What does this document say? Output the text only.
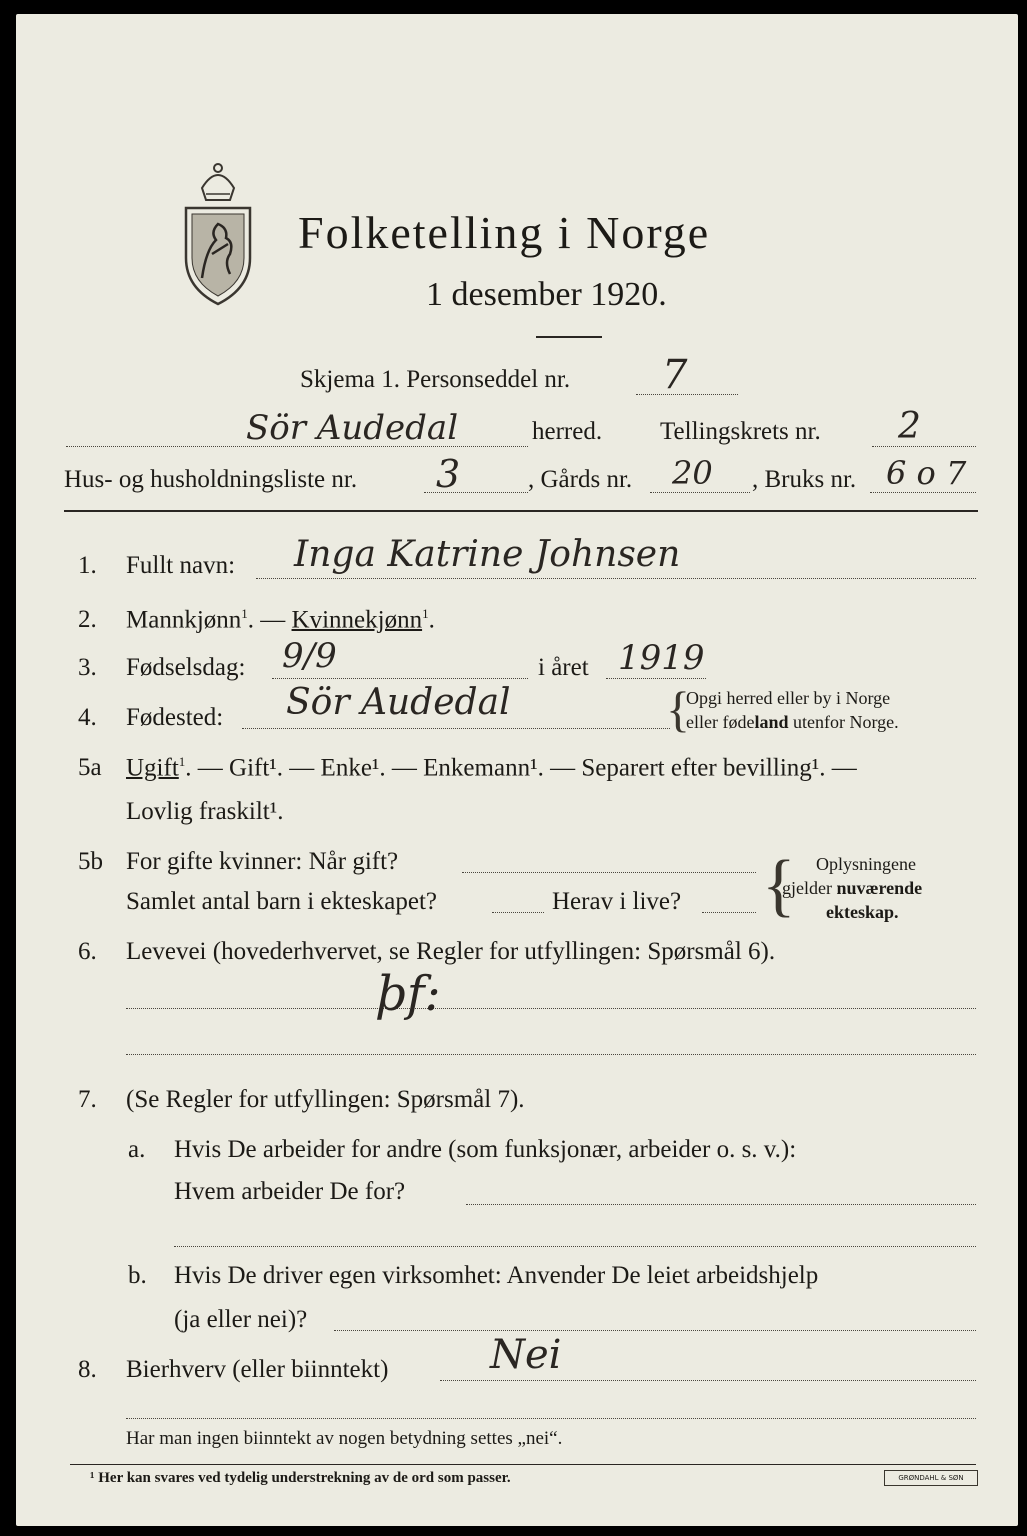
Folketelling i Norge
1 desember 1920.
Skjema 1. Personseddel nr. 7
Sör Audedal	herred. Tellingskrets nr. 2
Hus- og husholdningsliste nr. 3	, Gårds nr. 20 , Bruks nr. 6 o 7
1. Fullt navn: Inga Katrine Johnsen
2. Mannkjønn$^1$. — Kvinnekjønn$^1$.
3. Fødselsdag: 9/9	i året 1919
4. Fødested: Sör Audedal	{
Opgi herred eller by i Norge
eller fødeland utenfor Norge.
5a Ugift$^1$. — Gift¹. — Enke¹. — Enkemann¹. — Separert efter bevilling¹. —
Lovlig fraskilt¹.
5b For gifte kvinner: Når gift?
Samlet antal barn i ekteskapet?	Herav i live? { Oplysningene
gjelder nuværende
ekteskap.
6. Levevei (hovederhvervet, se Regler for utfyllingen: Spørsmål 6).
þf:
7. (Se Regler for utfyllingen: Spørsmål 7).
a. Hvis De arbeider for andre (som funksjonær, arbeider o. s. v.):
Hvem arbeider De for?
b. Hvis De driver egen virksomhet: Anvender De leiet arbeidshjelp
(ja eller nei)?
8. Bierhverv (eller biinntekt)	Nei
Har man ingen biinntekt av nogen betydning settes „nei“.
¹ Her kan svares ved tydelig understrekning av de ord som passer.	GRØNDAHL & SØN
